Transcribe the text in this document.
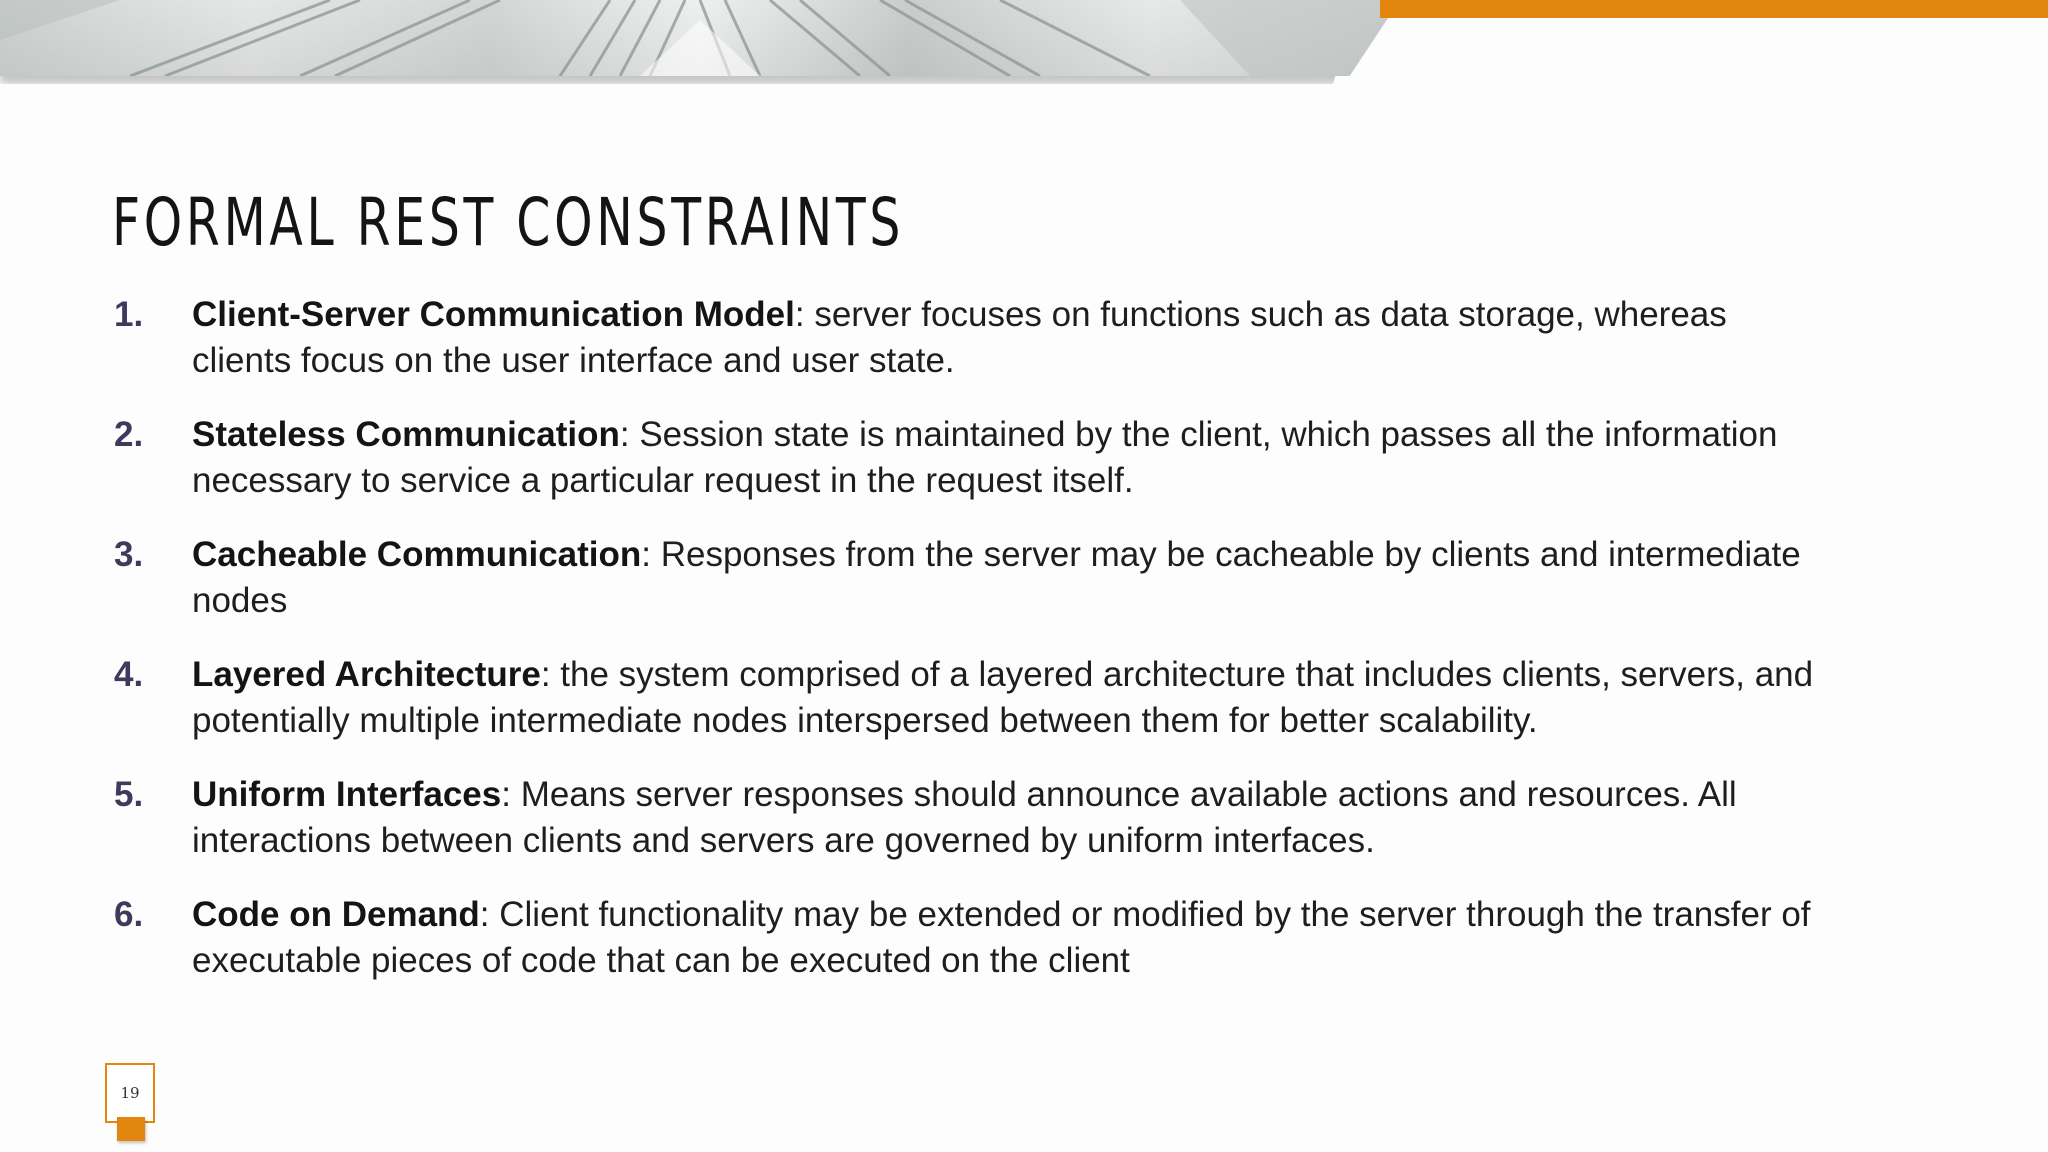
FORMAL REST CONSTRAINTS
1. Client-Server Communication Model: server focuses on functions such as data storage, whereas clients focus on the user interface and user state.
2. Stateless Communication: Session state is maintained by the client, which passes all the information necessary to service a particular request in the request itself.
3. Cacheable Communication: Responses from the server may be cacheable by clients and intermediate nodes
4. Layered Architecture: the system comprised of a layered architecture that includes clients, servers, and potentially multiple intermediate nodes interspersed between them for better scalability.
5. Uniform Interfaces: Means server responses should announce available actions and resources. All interactions between clients and servers are governed by uniform interfaces.
6. Code on Demand: Client functionality may be extended or modified by the server through the transfer of executable pieces of code that can be executed on the client
19
